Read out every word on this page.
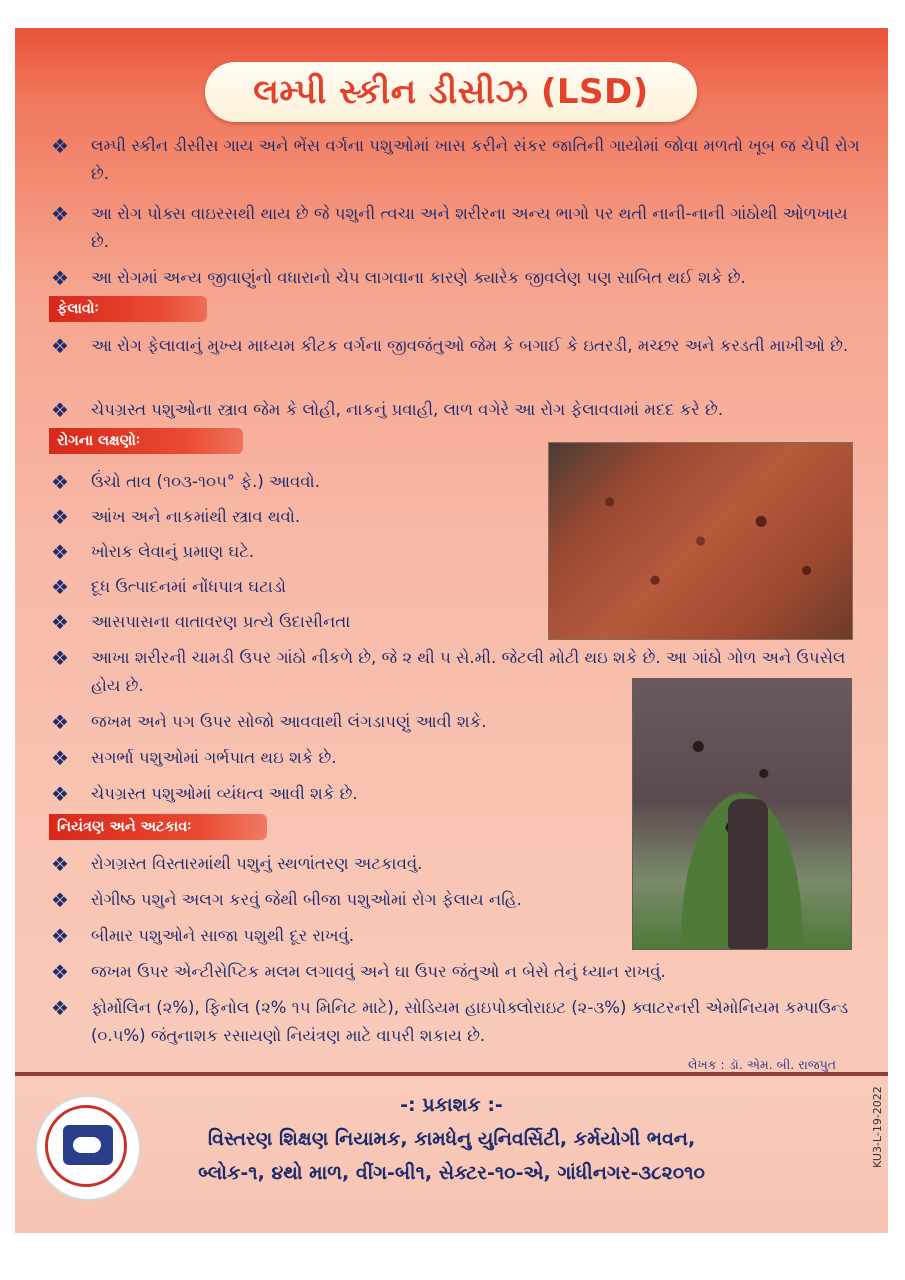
લમ્પી સ્કીન ડીસીઝ (LSD)
❖	લમ્પી સ્કીન ડીસીસ ગાય અને ભેંસ વર્ગના પશુઓમાં ખાસ કરીને સંકર જાતિની ગાયોમાં જોવા મળતો ખૂબ જ ચેપી રોગ છે.
❖	આ રોગ પોક્સ વાઇરસથી થાય છે જે પશુની ત્વચા અને શરીરના અન્ય ભાગો પર થતી નાની-નાની ગાંઠોથી ઓળખાય છે.
❖	આ રોગમાં અન્ય જીવાણુંનો વધારાનો ચેપ લાગવાના કારણે ક્યારેક જીવલેણ પણ સાબિત થઈ શકે છે.
ફેલાવોઃ
❖	આ રોગ ફેલાવાનું મુખ્ય માધ્યમ કીટક વર્ગના જીવજંતુઓ જેમ કે બગાઈ કે ઇતરડી, મચ્છર અને કરડતી માખીઓ છે.
❖	ચેપગ્રસ્ત પશુઓના સ્ત્રાવ જેમ કે લોહી, નાકનું પ્રવાહી, લાળ વગેરે આ રોગ ફેલાવવામાં મદદ કરે છે.
રોગના લક્ષણોઃ
❖	ઉંચો તાવ (૧૦૩-૧૦૫° ફે.) આવવો.
❖	આંખ અને નાકમાંથી સ્ત્રાવ થવો.
❖	ખોરાક લેવાનું પ્રમાણ ઘટે.
❖	દૂધ ઉત્પાદનમાં નોંધપાત્ર ઘટાડો
❖	આસપાસના વાતાવરણ પ્રત્યે ઉદાસીનતા
❖	આખા શરીરની ચામડી ઉપર ગાંઠો નીકળે છે, જે ૨ થી ૫ સે.મી. જેટલી મોટી થઇ શકે છે. આ ગાંઠો ગોળ અને ઉપસેલ હોય છે.
❖	જખમ અને પગ ઉપર સોજો આવવાથી લંગડાપણું આવી શકે.
❖	સગર્ભા પશુઓમાં ગર્ભપાત થઇ શકે છે.
❖	ચેપગ્રસ્ત પશુઓમાં વ્યંધત્વ આવી શકે છે.
નિયંત્રણ અને અટકાવઃ
❖	રોગગ્રસ્ત વિસ્તારમાંથી પશુનું સ્થળાંતરણ અટકાવવું.
❖	રોગીષ્ઠ પશુને અલગ કરવું જેથી બીજા પશુઓમાં રોગ ફેલાય નહિ.
❖	બીમાર પશુઓને સાજા પશુથી દૂર રાખવું.
❖	જખમ ઉપર એન્ટીસેપ્ટિક મલમ લગાવવું અને ઘા ઉપર જંતુઓ ન બેસે તેનું ધ્યાન રાખવું.
❖	ફોર્મોલિન (૨%), ફિનોલ (૨% ૧૫ મિનિટ માટે), સોડિયમ હાઇપોક્લોરાઇટ (૨-૩%) ક્વાટરનરી એમોનિયમ કમ્પાઉન્ડ (૦.૫%) જંતુનાશક રસાયણો નિયંત્રણ માટે વાપરી શકાય છે.
લેખક : ડૉ. એમ. બી. રાજપુત
-: પ્રકાશક :-
વિસ્તરણ શિક્ષણ નિયામક, કામધેનુ યુનિવર્સિટી, કર્મયોગી ભવન,
બ્લોક-૧, ૪થો માળ, વીંગ-બી૧, સેક્ટર-૧૦-એ, ગાંધીનગર-૩૮૨૦૧૦
KU3-L-19-2022
